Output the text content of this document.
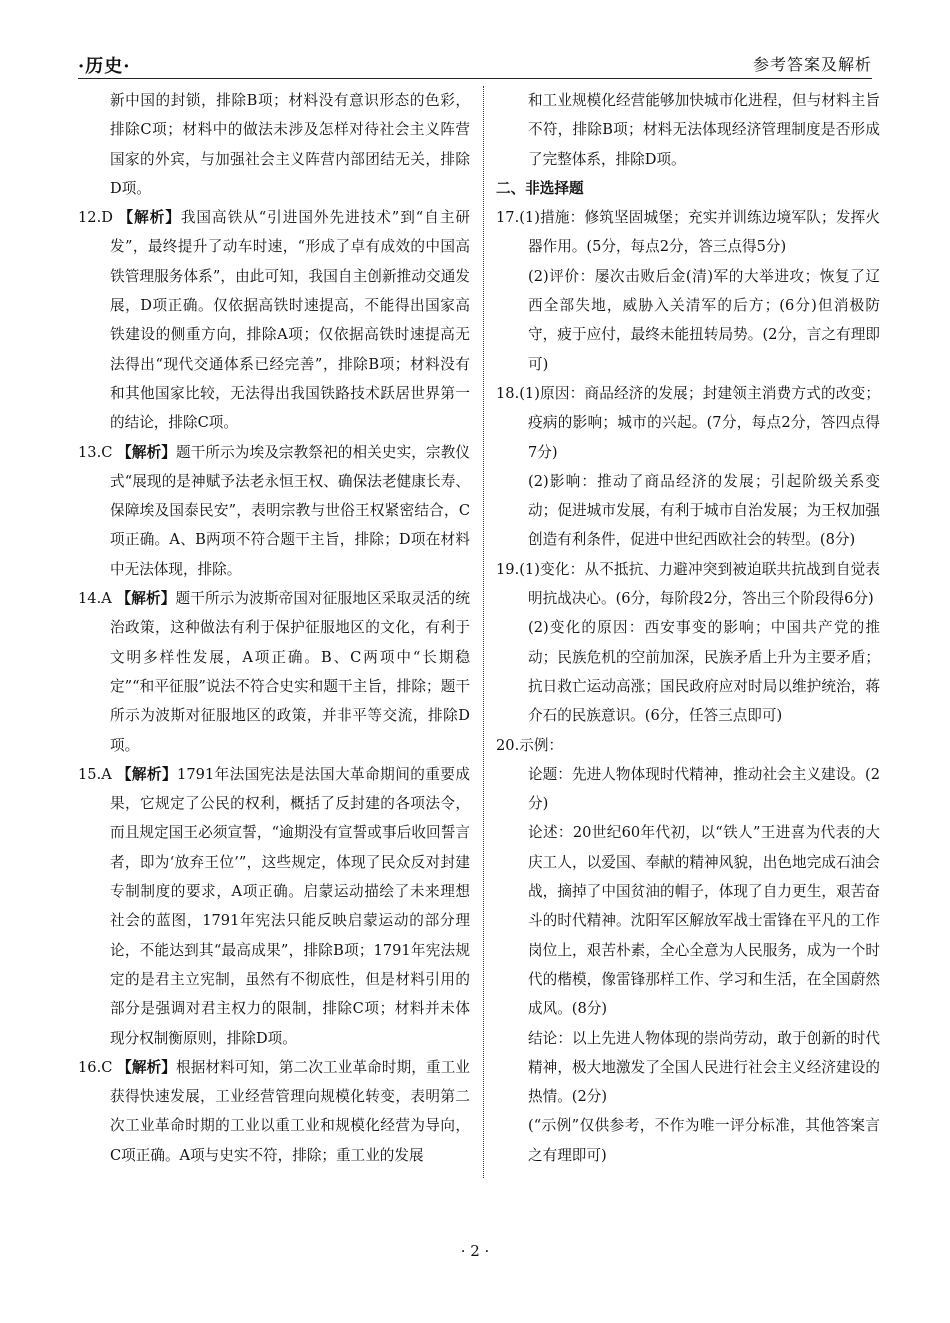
·历史·	参考答案及解析
新中国的封锁，排除B项；材料没有意识形态的色彩，排除C项；材料中的做法未涉及怎样对待社会主义阵营国家的外宾，与加强社会主义阵营内部团结无关，排除D项。
12.D 【解析】我国高铁从“引进国外先进技术”到“自主研发”，最终提升了动车时速，“形成了卓有成效的中国高铁管理服务体系”，由此可知，我国自主创新推动交通发展，D项正确。仅依据高铁时速提高，不能得出国家高铁建设的侧重方向，排除A项；仅依据高铁时速提高无法得出“现代交通体系已经完善”，排除B项；材料没有和其他国家比较，无法得出我国铁路技术跃居世界第一的结论，排除C项。
13.C 【解析】题干所示为埃及宗教祭祀的相关史实，宗教仪式“展现的是神赋予法老永恒王权、确保法老健康长寿、保障埃及国泰民安”，表明宗教与世俗王权紧密结合，C项正确。A、B两项不符合题干主旨，排除；D项在材料中无法体现，排除。
14.A 【解析】题干所示为波斯帝国对征服地区采取灵活的统治政策，这种做法有利于保护征服地区的文化，有利于文明多样性发展，A项正确。B、C两项中“长期稳定”“和平征服”说法不符合史实和题干主旨，排除；题干所示为波斯对征服地区的政策，并非平等交流，排除D项。
15.A 【解析】1791年法国宪法是法国大革命期间的重要成果，它规定了公民的权利，概括了反封建的各项法令，而且规定国王必须宣誓，“逾期没有宣誓或事后收回誓言者，即为‘放弃王位’”，这些规定，体现了民众反对封建专制制度的要求，A项正确。启蒙运动描绘了未来理想社会的蓝图，1791年宪法只能反映启蒙运动的部分理论，不能达到其“最高成果”，排除B项；1791年宪法规定的是君主立宪制，虽然有不彻底性，但是材料引用的部分是强调对君主权力的限制，排除C项；材料并未体现分权制衡原则，排除D项。
16.C 【解析】根据材料可知，第二次工业革命时期，重工业获得快速发展，工业经营管理向规模化转变，表明第二次工业革命时期的工业以重工业和规模化经营为导向，C项正确。A项与史实不符，排除；重工业的发展
和工业规模化经营能够加快城市化进程，但与材料主旨不符，排除B项；材料无法体现经济管理制度是否形成了完整体系，排除D项。
二、非选择题
17.(1)措施：修筑坚固城堡；充实并训练边境军队；发挥火器作用。(5分，每点2分，答三点得5分)
(2)评价：屡次击败后金(清)军的大举进攻；恢复了辽西全部失地，威胁入关清军的后方；(6分)但消极防守，疲于应付，最终未能扭转局势。(2分，言之有理即可)
18.(1)原因：商品经济的发展；封建领主消费方式的改变；疫病的影响；城市的兴起。(7分，每点2分，答四点得7分)
(2)影响：推动了商品经济的发展；引起阶级关系变动；促进城市发展，有利于城市自治发展；为王权加强创造有利条件，促进中世纪西欧社会的转型。(8分)
19.(1)变化：从不抵抗、力避冲突到被迫联共抗战到自觉表明抗战决心。(6分，每阶段2分，答出三个阶段得6分)
(2)变化的原因：西安事变的影响；中国共产党的推动；民族危机的空前加深，民族矛盾上升为主要矛盾；抗日救亡运动高涨；国民政府应对时局以维护统治，蒋介石的民族意识。(6分，任答三点即可)
20.示例：
论题：先进人物体现时代精神，推动社会主义建设。(2分)
论述：20世纪60年代初，以“铁人”王进喜为代表的大庆工人，以爱国、奉献的精神风貌，出色地完成石油会战，摘掉了中国贫油的帽子，体现了自力更生，艰苦奋斗的时代精神。沈阳军区解放军战士雷锋在平凡的工作岗位上，艰苦朴素，全心全意为人民服务，成为一个时代的楷模，像雷锋那样工作、学习和生活，在全国蔚然成风。(8分)
结论：以上先进人物体现的崇尚劳动，敢于创新的时代精神，极大地激发了全国人民进行社会主义经济建设的热情。(2分)
(“示例”仅供参考，不作为唯一评分标准，其他答案言之有理即可)
· 2 ·
